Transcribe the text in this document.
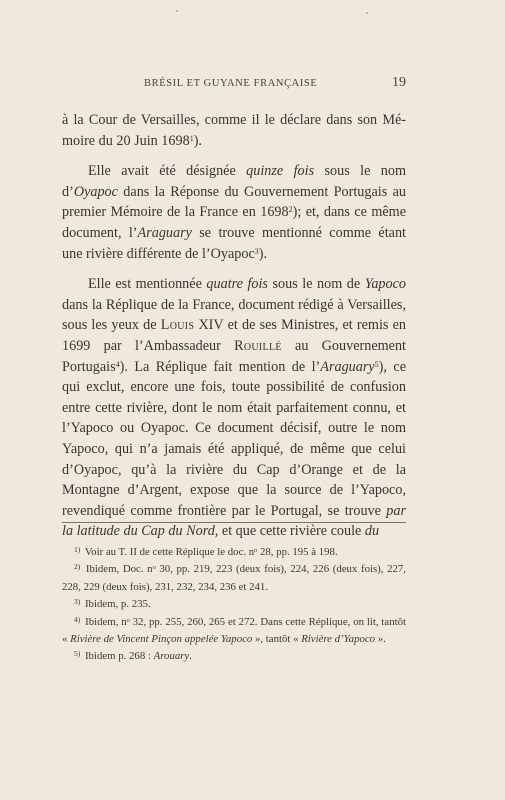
BRÉSIL ET GUYANE FRANÇAISE	19

à la Cour de Versailles, comme il le déclare dans son Mémoire du 20 Juin 1698$^1$).

Elle avait été désignée quinze fois sous le nom d’Oyapoc dans la Réponse du Gouvernement Portugais au premier Mémoire de la France en 1698$^2$); et, dans ce même document, l’Araguary se trouve mentionné comme étant une rivière différente de l’Oyapoc$^3$).

Elle est mentionnée quatre fois sous le nom de Yapoco dans la Réplique de la France, document rédigé à Versailles, sous les yeux de Louis XIV et de ses Ministres, et remis en 1699 par l’Ambassadeur Rouillé au Gouvernement Portugais$^4$). La Réplique fait mention de l’Araguary$^5$), ce qui exclut, encore une fois, toute possibilité de confusion entre cette rivière, dont le nom était parfaitement connu, et l’Yapoco ou Oyapoc. Ce document décisif, outre le nom Yapoco, qui n’a jamais été appliqué, de même que celui d’Oyapoc, qu’à la rivière du Cap d’Orange et de la Montagne d’Argent, expose que la source de l’Yapoco, revendiqué comme frontière par le Portugal, se trouve par la latitude du Cap du Nord, et que cette rivière coule du

$^{1)}$ Voir au T. II de cette Réplique le doc. nᵒ 28, pp. 195 à 198.
$^{2)}$ Ibidem, Doc. nᵒ 30, pp. 219, 223 (deux fois), 224, 226 (deux fois), 227, 228, 229 (deux fois), 231, 232, 234, 236 et 241.
$^{3)}$ Ibidem, p. 235.
$^{4)}$ Ibidem, nᵒ 32, pp. 255, 260, 265 et 272. Dans cette Réplique, on lit, tantôt « Rivière de Vincent Pinçon appelée Yapoco », tantôt « Rivière d’Yapoco ».
$^{5)}$ Ibidem p. 268 : Arouary.
